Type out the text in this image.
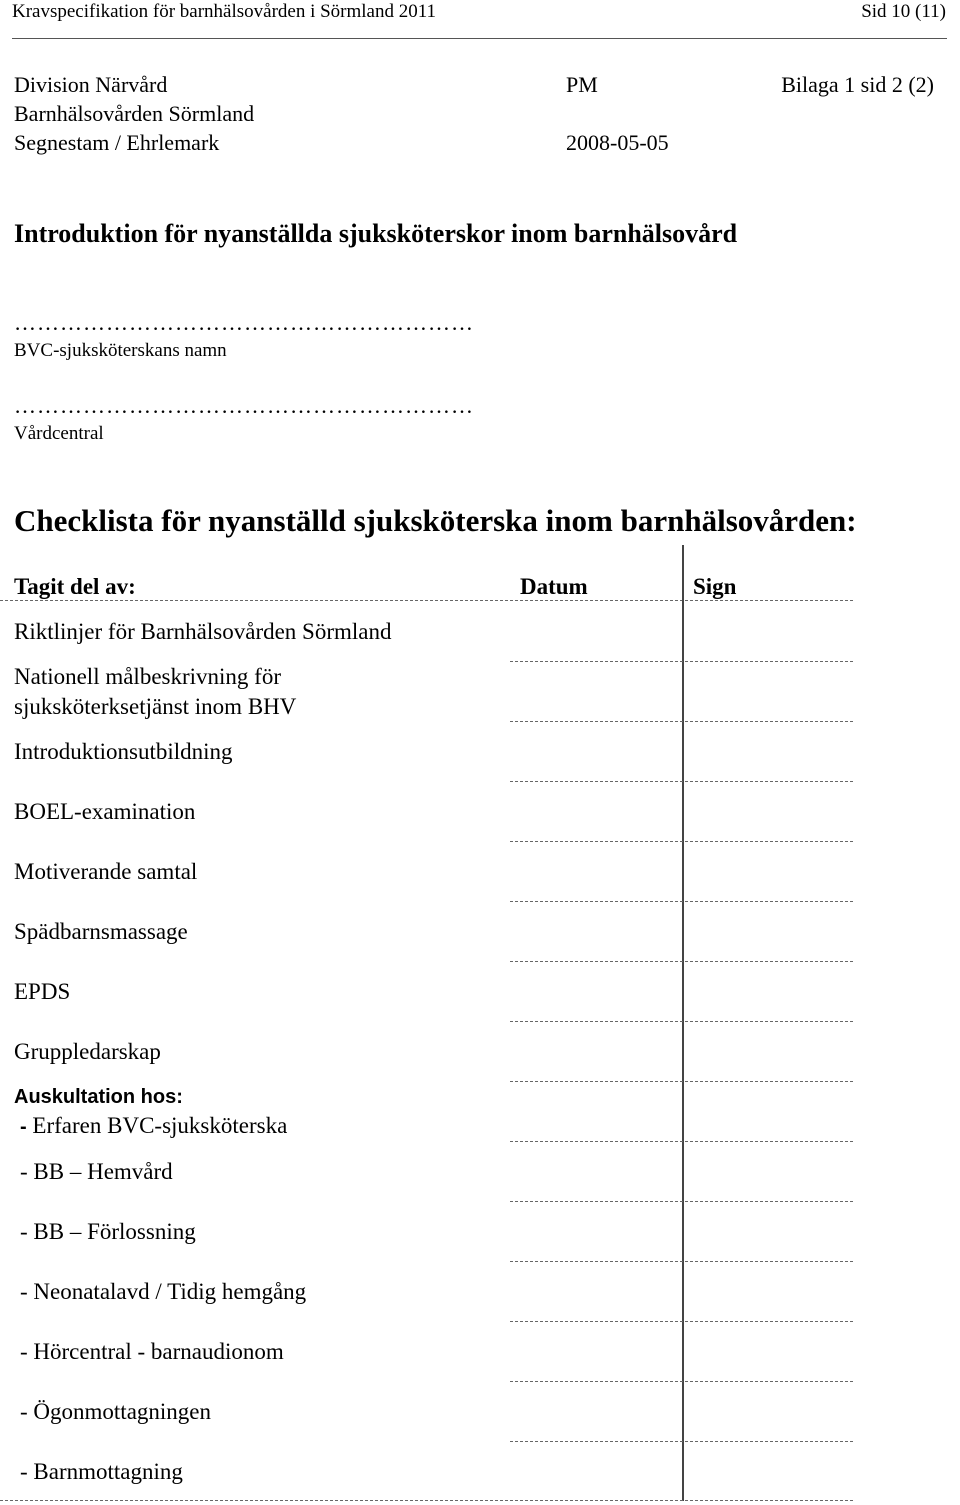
Kravspecifikation för barnhälsovården i Sörmland 2011	Sid 10 (11)
Division Närvård	PM	Bilaga 1 sid 2 (2)
Barnhälsovården Sörmland
Segnestam / Ehrlemark	2008-05-05
Introduktion för nyanställda sjuksköterskor inom barnhälsovård
……………………………………………………
BVC-sjuksköterskans namn
……………………………………………………
Vårdcentral
Checklista för nyanställd sjuksköterska inom barnhälsovården:
Tagit del av:	Datum	Sign
Riktlinjer för Barnhälsovården Sörmland
Nationell målbeskrivning för
sjuksköterksetjänst inom BHV
Introduktionsutbildning
BOEL-examination
Motiverande samtal
Spädbarnsmassage
EPDS
Gruppledarskap
Auskultation hos:
- Erfaren BVC-sjuksköterska
- BB – Hemvård
- BB – Förlossning
- Neonatalavd / Tidig hemgång
- Hörcentral - barnaudionom
- Ögonmottagningen
- Barnmottagning
